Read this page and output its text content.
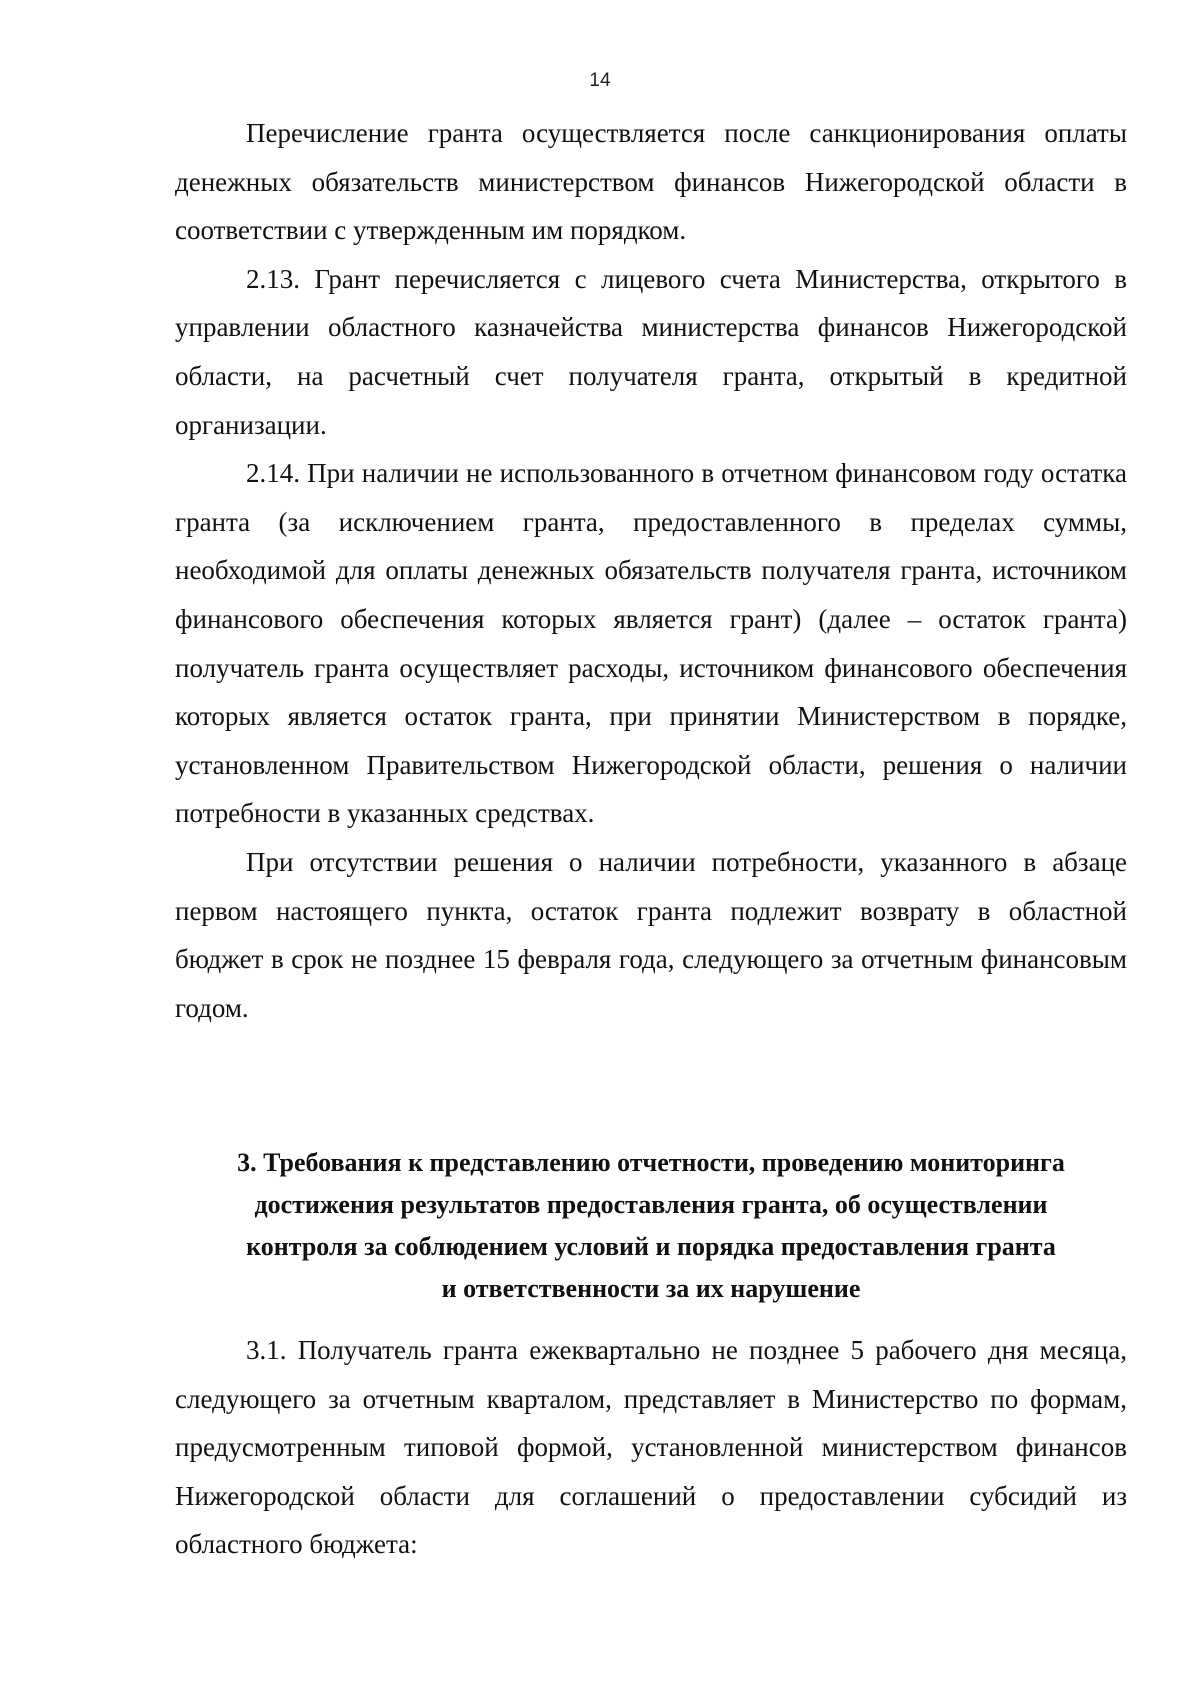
14

Перечисление гранта осуществляется после санкционирования оплаты денежных обязательств министерством финансов Нижегородской области в соответствии с утвержденным им порядком.

2.13. Грант перечисляется с лицевого счета Министерства, открытого в управлении областного казначейства министерства финансов Нижегородской области, на расчетный счет получателя гранта, открытый в кредитной организации.

2.14. При наличии не использованного в отчетном финансовом году остатка гранта (за исключением гранта, предоставленного в пределах суммы, необходимой для оплаты денежных обязательств получателя гранта, источником финансового обеспечения которых является грант) (далее – остаток гранта) получатель гранта осуществляет расходы, источником финансового обеспечения которых является остаток гранта, при принятии Министерством в порядке, установленном Правительством Нижегородской области, решения о наличии потребности в указанных средствах.

При отсутствии решения о наличии потребности, указанного в абзаце первом настоящего пункта, остаток гранта подлежит возврату в областной бюджет в срок не позднее 15 февраля года, следующего за отчетным финансовым годом.

3. Требования к представлению отчетности, проведению мониторинга
достижения результатов предоставления гранта, об осуществлении
контроля за соблюдением условий и порядка предоставления гранта
и ответственности за их нарушение

3.1. Получатель гранта ежеквартально не позднее 5 рабочего дня месяца, следующего за отчетным кварталом, представляет в Министерство по формам, предусмотренным типовой формой, установленной министерством финансов Нижегородской области для соглашений о предоставлении субсидий из областного бюджета:
